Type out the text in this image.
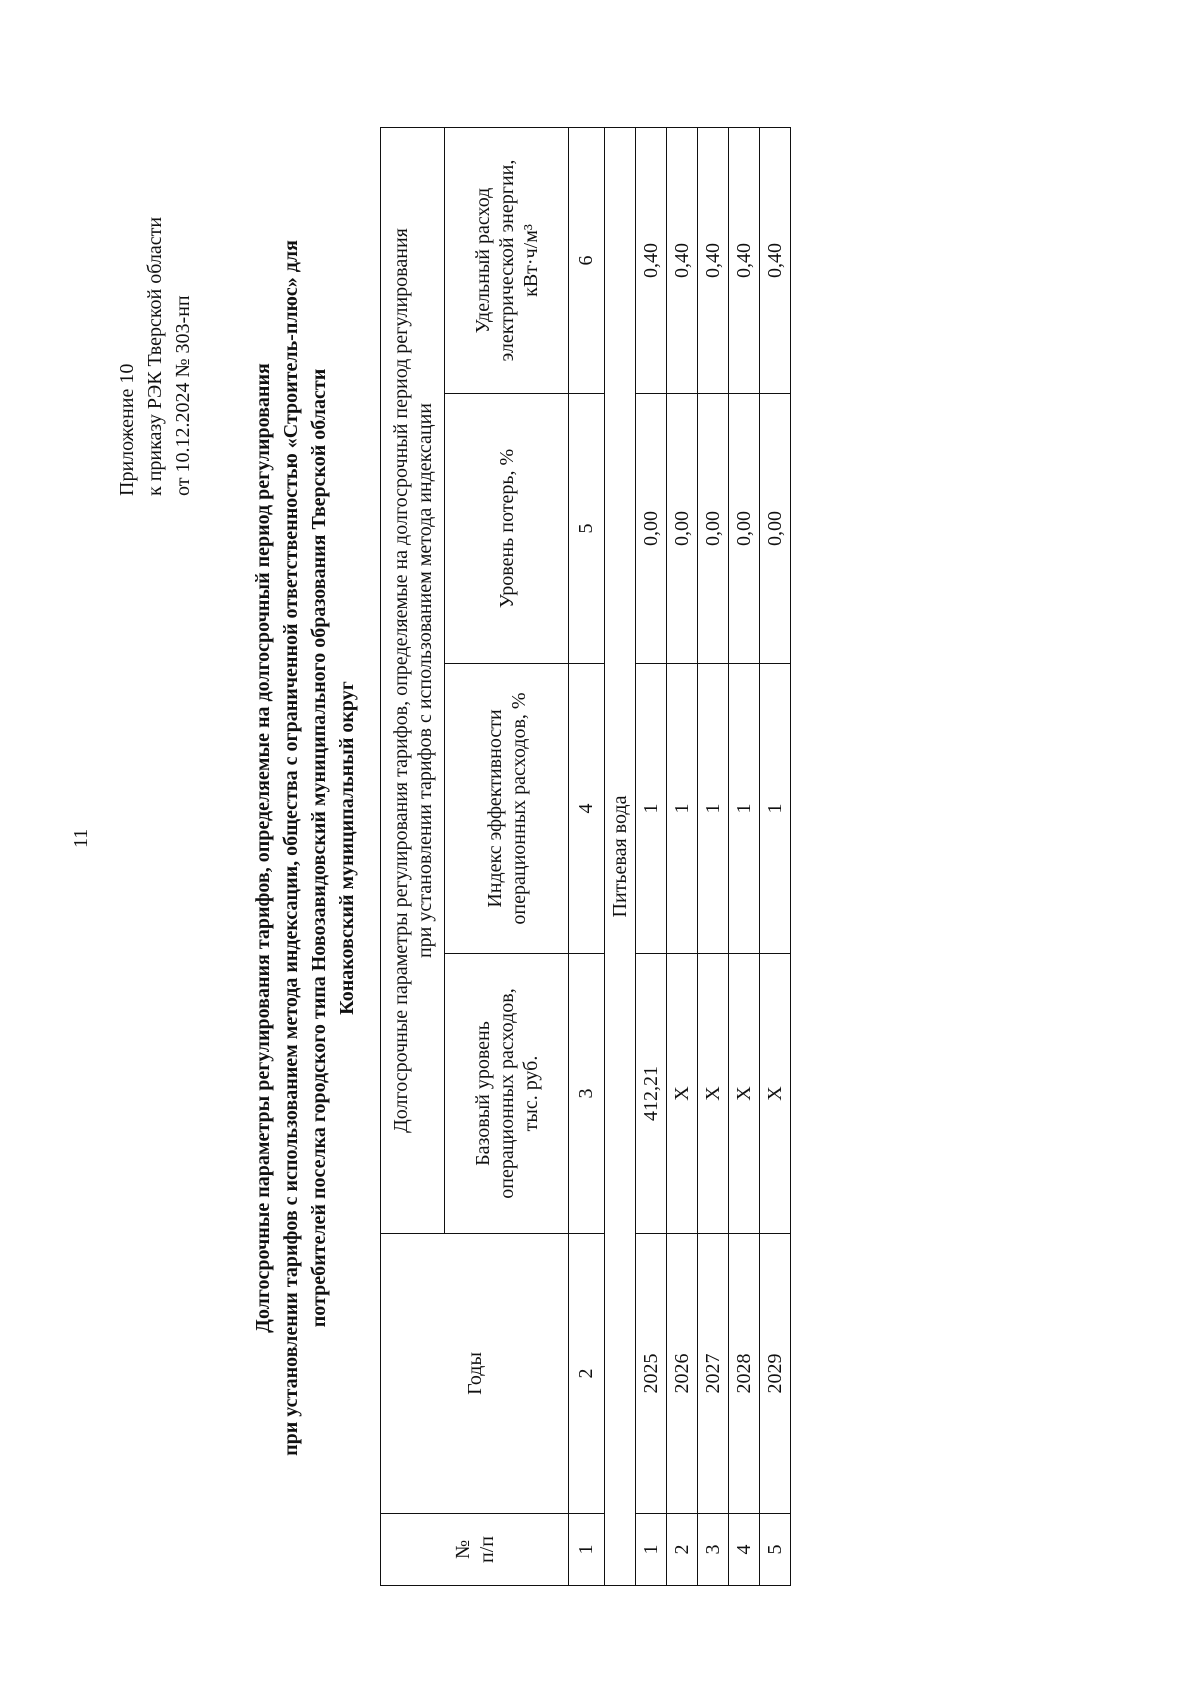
11
Приложение 10 к приказу РЭК Тверской области от 10.12.2024 № 303-нп	Долгосрочные параметры регулирования тарифов, определяемые на долгосрочный период регулирования при установлении тарифов с использованием метода индексации, общества с ограниченной ответственностью «Строитель-плюс» для потребителей поселка городского типа Новозавидовский муниципального образования Тверской области Конаковский муниципальный округ
№ п/п	Годы	Долгосрочные параметры регулирования тарифов, определяемые на долгосрочный период регулирования при установлении тарифов с использованием метода индексации			

		Базовый уровень операционных расходов, тыс. руб.	Индекс эффективности операционных расходов, %	Уровень потерь, %	Удельный расход электрической энергии, кВт·ч/м³
1	2	3	4	5	6
Питьевая вода					
1	2025	412,21	1	0,00	0,40
2	2026	Х	1	0,00	0,40
3	2027	Х	1	0,00	0,40
4	2028	Х	1	0,00	0,40
5	2029	Х	1	0,00	0,40
